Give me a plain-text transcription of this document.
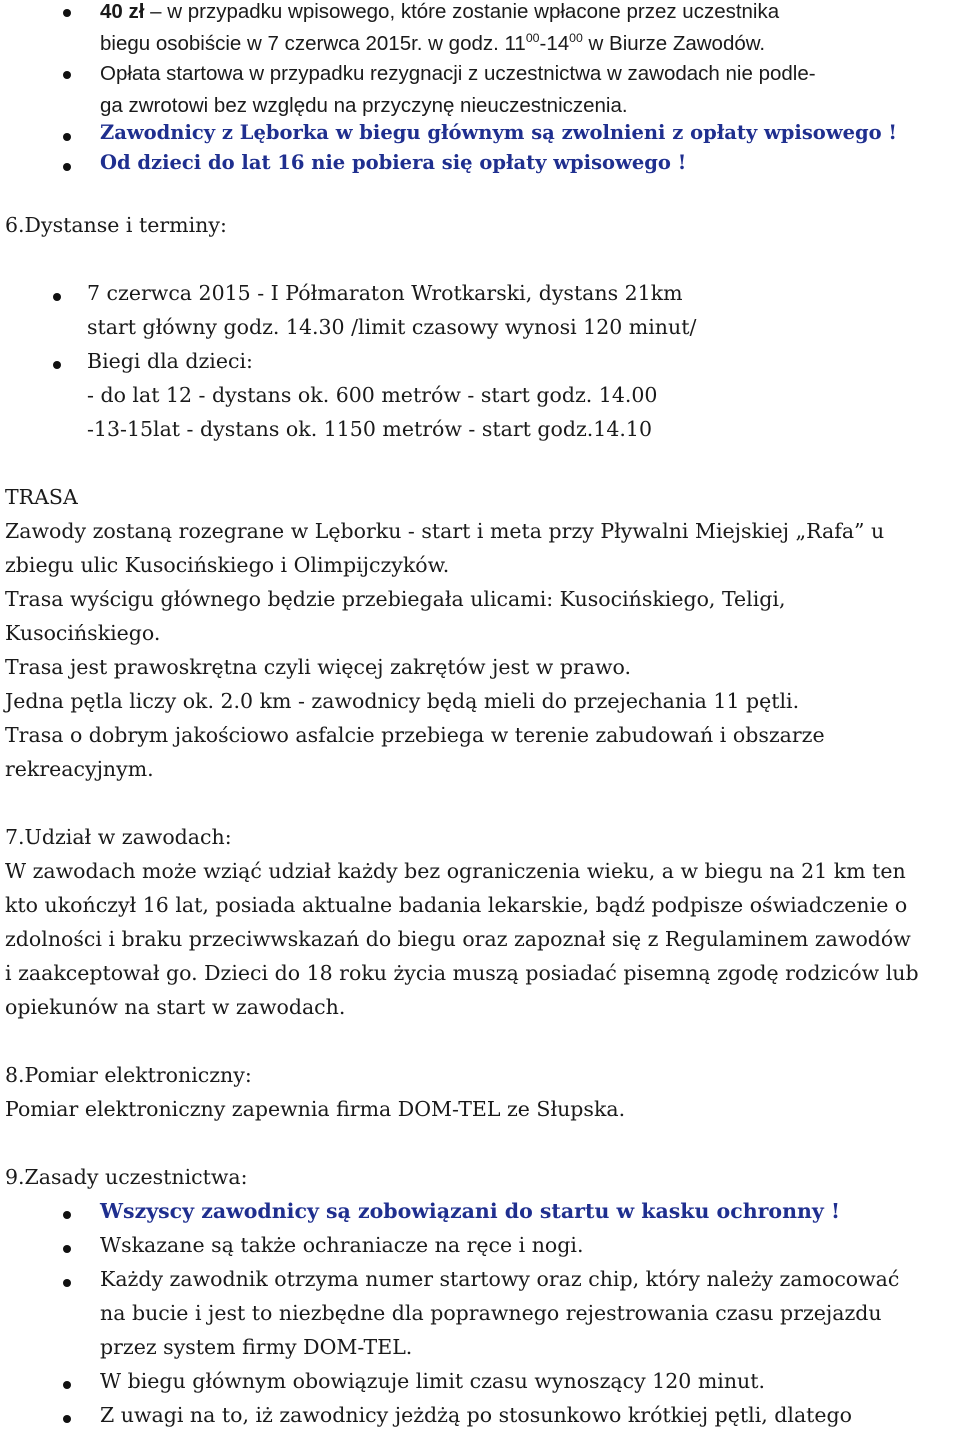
40 zł – w przypadku wpisowego, które zostanie wpłacone przez uczestnika
biegu osobiście w 7 czerwca 2015r. w godz. $11^{00}-14^{00}$ w Biurze Zawodów.
Opłata startowa w przypadku rezygnacji z uczestnictwa w zawodach nie podle-
ga zwrotowi bez względu na przyczynę nieuczestniczenia.
Zawodnicy z Lęborka w biegu głównym są zwolnieni z opłaty wpisowego !
Od dzieci do lat 16 nie pobiera się opłaty wpisowego !
6.Dystanse i terminy:
7 czerwca 2015 - I Półmaraton Wrotkarski, dystans 21km
start główny godz. 14.30 /limit czasowy wynosi 120 minut/
Biegi dla dzieci:
- do lat 12 - dystans ok. 600 metrów - start godz. 14.00
-13-15lat - dystans ok. 1150 metrów - start godz.14.10
TRASA
Zawody zostaną rozegrane w Lęborku - start i meta przy Pływalni Miejskiej „Rafa” u
zbiegu ulic Kusocińskiego i Olimpijczyków.
Trasa wyścigu głównego będzie przebiegała ulicami: Kusocińskiego, Teligi,
Kusocińskiego.
Trasa jest prawoskrętna czyli więcej zakrętów jest w prawo.
Jedna pętla liczy ok. 2.0 km - zawodnicy będą mieli do przejechania 11 pętli.
Trasa o dobrym jakościowo asfalcie przebiega w terenie zabudowań i obszarze
rekreacyjnym.
7.Udział w zawodach:
W zawodach może wziąć udział każdy bez ograniczenia wieku, a w biegu na 21 km ten
kto ukończył 16 lat, posiada aktualne badania lekarskie, bądź podpisze oświadczenie o
zdolności i braku przeciwwskazań do biegu oraz zapoznał się z Regulaminem zawodów
i zaakceptował go. Dzieci do 18 roku życia muszą posiadać pisemną zgodę rodziców lub
opiekunów na start w zawodach.
8.Pomiar elektroniczny:
Pomiar elektroniczny zapewnia firma DOM-TEL ze Słupska.
9.Zasady uczestnictwa:
Wszyscy zawodnicy są zobowiązani do startu w kasku ochronny !
Wskazane są także ochraniacze na ręce i nogi.
Każdy zawodnik otrzyma numer startowy oraz chip, który należy zamocować
na bucie i jest to niezbędne dla poprawnego rejestrowania czasu przejazdu
przez system firmy DOM-TEL.
W biegu głównym obowiązuje limit czasu wynoszący 120 minut.
Z uwagi na to, iż zawodnicy jeżdżą po stosunkowo krótkiej pętli, dlatego
